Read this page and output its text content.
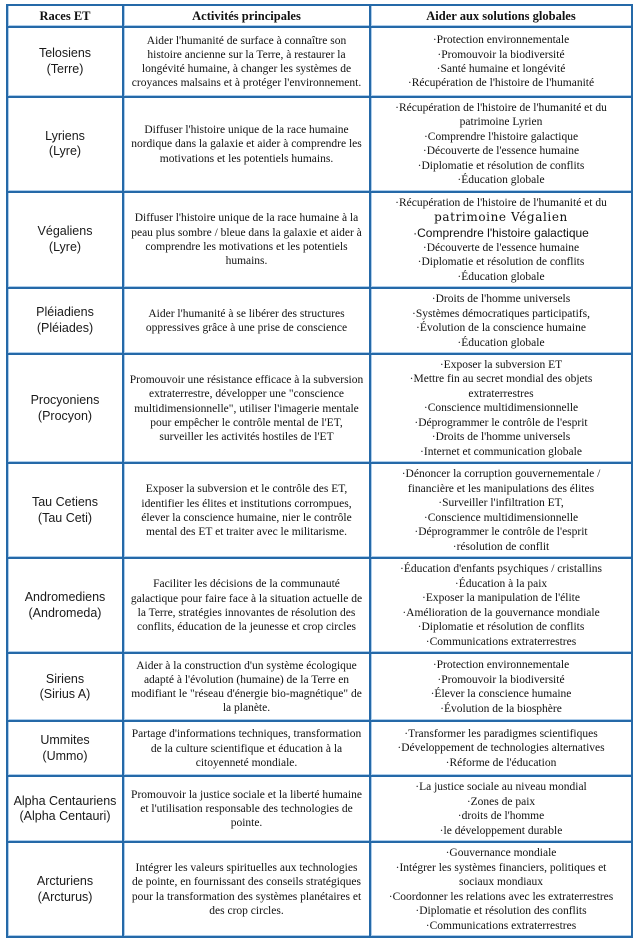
Races ET	Activités principales	Aider aux solutions globales

Telosiens
(Terre)
	Aider l'humanité de surface à connaître son histoire ancienne sur la Terre, à restaurer la longévité humaine, à changer les systèmes de croyances malsains et à protéger l'environnement.	
· Protection environnementale
· Promouvoir la biodiversité
· Santé humaine et longévité
· Récupération de l'histoire de l'humanité

Lyriens
(Lyre)
	Diffuser l'histoire unique de la race humaine nordique dans la galaxie et aider à comprendre les motivations et les potentiels humains.	
· Récupération de l'histoire de l'humanité et du
patrimoine Lyrien
· Comprendre l'histoire galactique
· Découverte de l'essence humaine
· Diplomatie et résolution de conflits
· Éducation globale

Végaliens
(Lyre)
	Diffuser l'histoire unique de la race humaine à la peau plus sombre / bleue dans la galaxie et aider à comprendre les motivations et les potentiels humains.	
· Récupération de l'histoire de l'humanité et du
patrimoine Végalien
· Comprendre l'histoire galactique
· Découverte de l'essence humaine
· Diplomatie et résolution de conflits
· Éducation globale

Pléiadiens
(Pléiades)
	Aider l'humanité à se libérer des structures oppressives grâce à une prise de conscience	
· Droits de l'homme universels
· Systèmes démocratiques participatifs,
· Évolution de la conscience humaine
· Éducation globale

Procyoniens
(Procyon)
	Promouvoir une résistance efficace à la subversion extraterrestre, développer une "conscience multidimensionnelle", utiliser l'imagerie mentale pour empêcher le contrôle mental de l'ET, surveiller les activités hostiles de l'ET	
· Exposer la subversion ET
· Mettre fin au secret mondial des objets
extraterrestres
· Conscience multidimensionnelle
· Déprogrammer le contrôle de l'esprit
· Droits de l'homme universels
· Internet et communication globale

Tau Cetiens
(Tau Ceti)
	Exposer la subversion et le contrôle des ET, identifier les élites et institutions corrompues, élever la conscience humaine, nier le contrôle mental des ET et traiter avec le militarisme.	
· Dénoncer la corruption gouvernementale /
financière et les manipulations des élites
· Surveiller l'infiltration ET,
· Conscience multidimensionnelle
· Déprogrammer le contrôle de l'esprit
· résolution de conflit

Andromediens
(Andromeda)
	Faciliter les décisions de la communauté galactique pour faire face à la situation actuelle de la Terre, stratégies innovantes de résolution des conflits, éducation de la jeunesse et crop circles	
· Éducation d'enfants psychiques / cristallins
· Éducation à la paix
· Exposer la manipulation de l'élite
· Amélioration de la gouvernance mondiale
· Diplomatie et résolution de conflits
· Communications extraterrestres

Siriens
(Sirius A)
	Aider à la construction d'un système écologique adapté à l'évolution (humaine) de la Terre en modifiant le "réseau d'énergie bio-magnétique" de la planète.	
· Protection environnementale
· Promouvoir la biodiversité
· Élever la conscience humaine
· Évolution de la biosphère

Ummites
(Ummo)
	Partage d'informations techniques, transformation de la culture scientifique et éducation à la citoyenneté mondiale.	
· Transformer les paradigmes scientifiques
· Développement de technologies alternatives
· Réforme de l'éducation

Alpha Centauriens
(Alpha Centauri)
	Promouvoir la justice sociale et la liberté humaine et l'utilisation responsable des technologies de pointe.	
· La justice sociale au niveau mondial
· Zones de paix
· droits de l'homme
· le développement durable

Arcturiens
(Arcturus)
	Intégrer les valeurs spirituelles aux technologies de pointe, en fournissant des conseils stratégiques pour la transformation des systèmes planétaires et des crop circles.	
· Gouvernance mondiale
· Intégrer les systèmes financiers, politiques et
sociaux mondiaux
· Coordonner les relations avec les extraterrestres
· Diplomatie et résolution des conflits
· Communications extraterrestres
